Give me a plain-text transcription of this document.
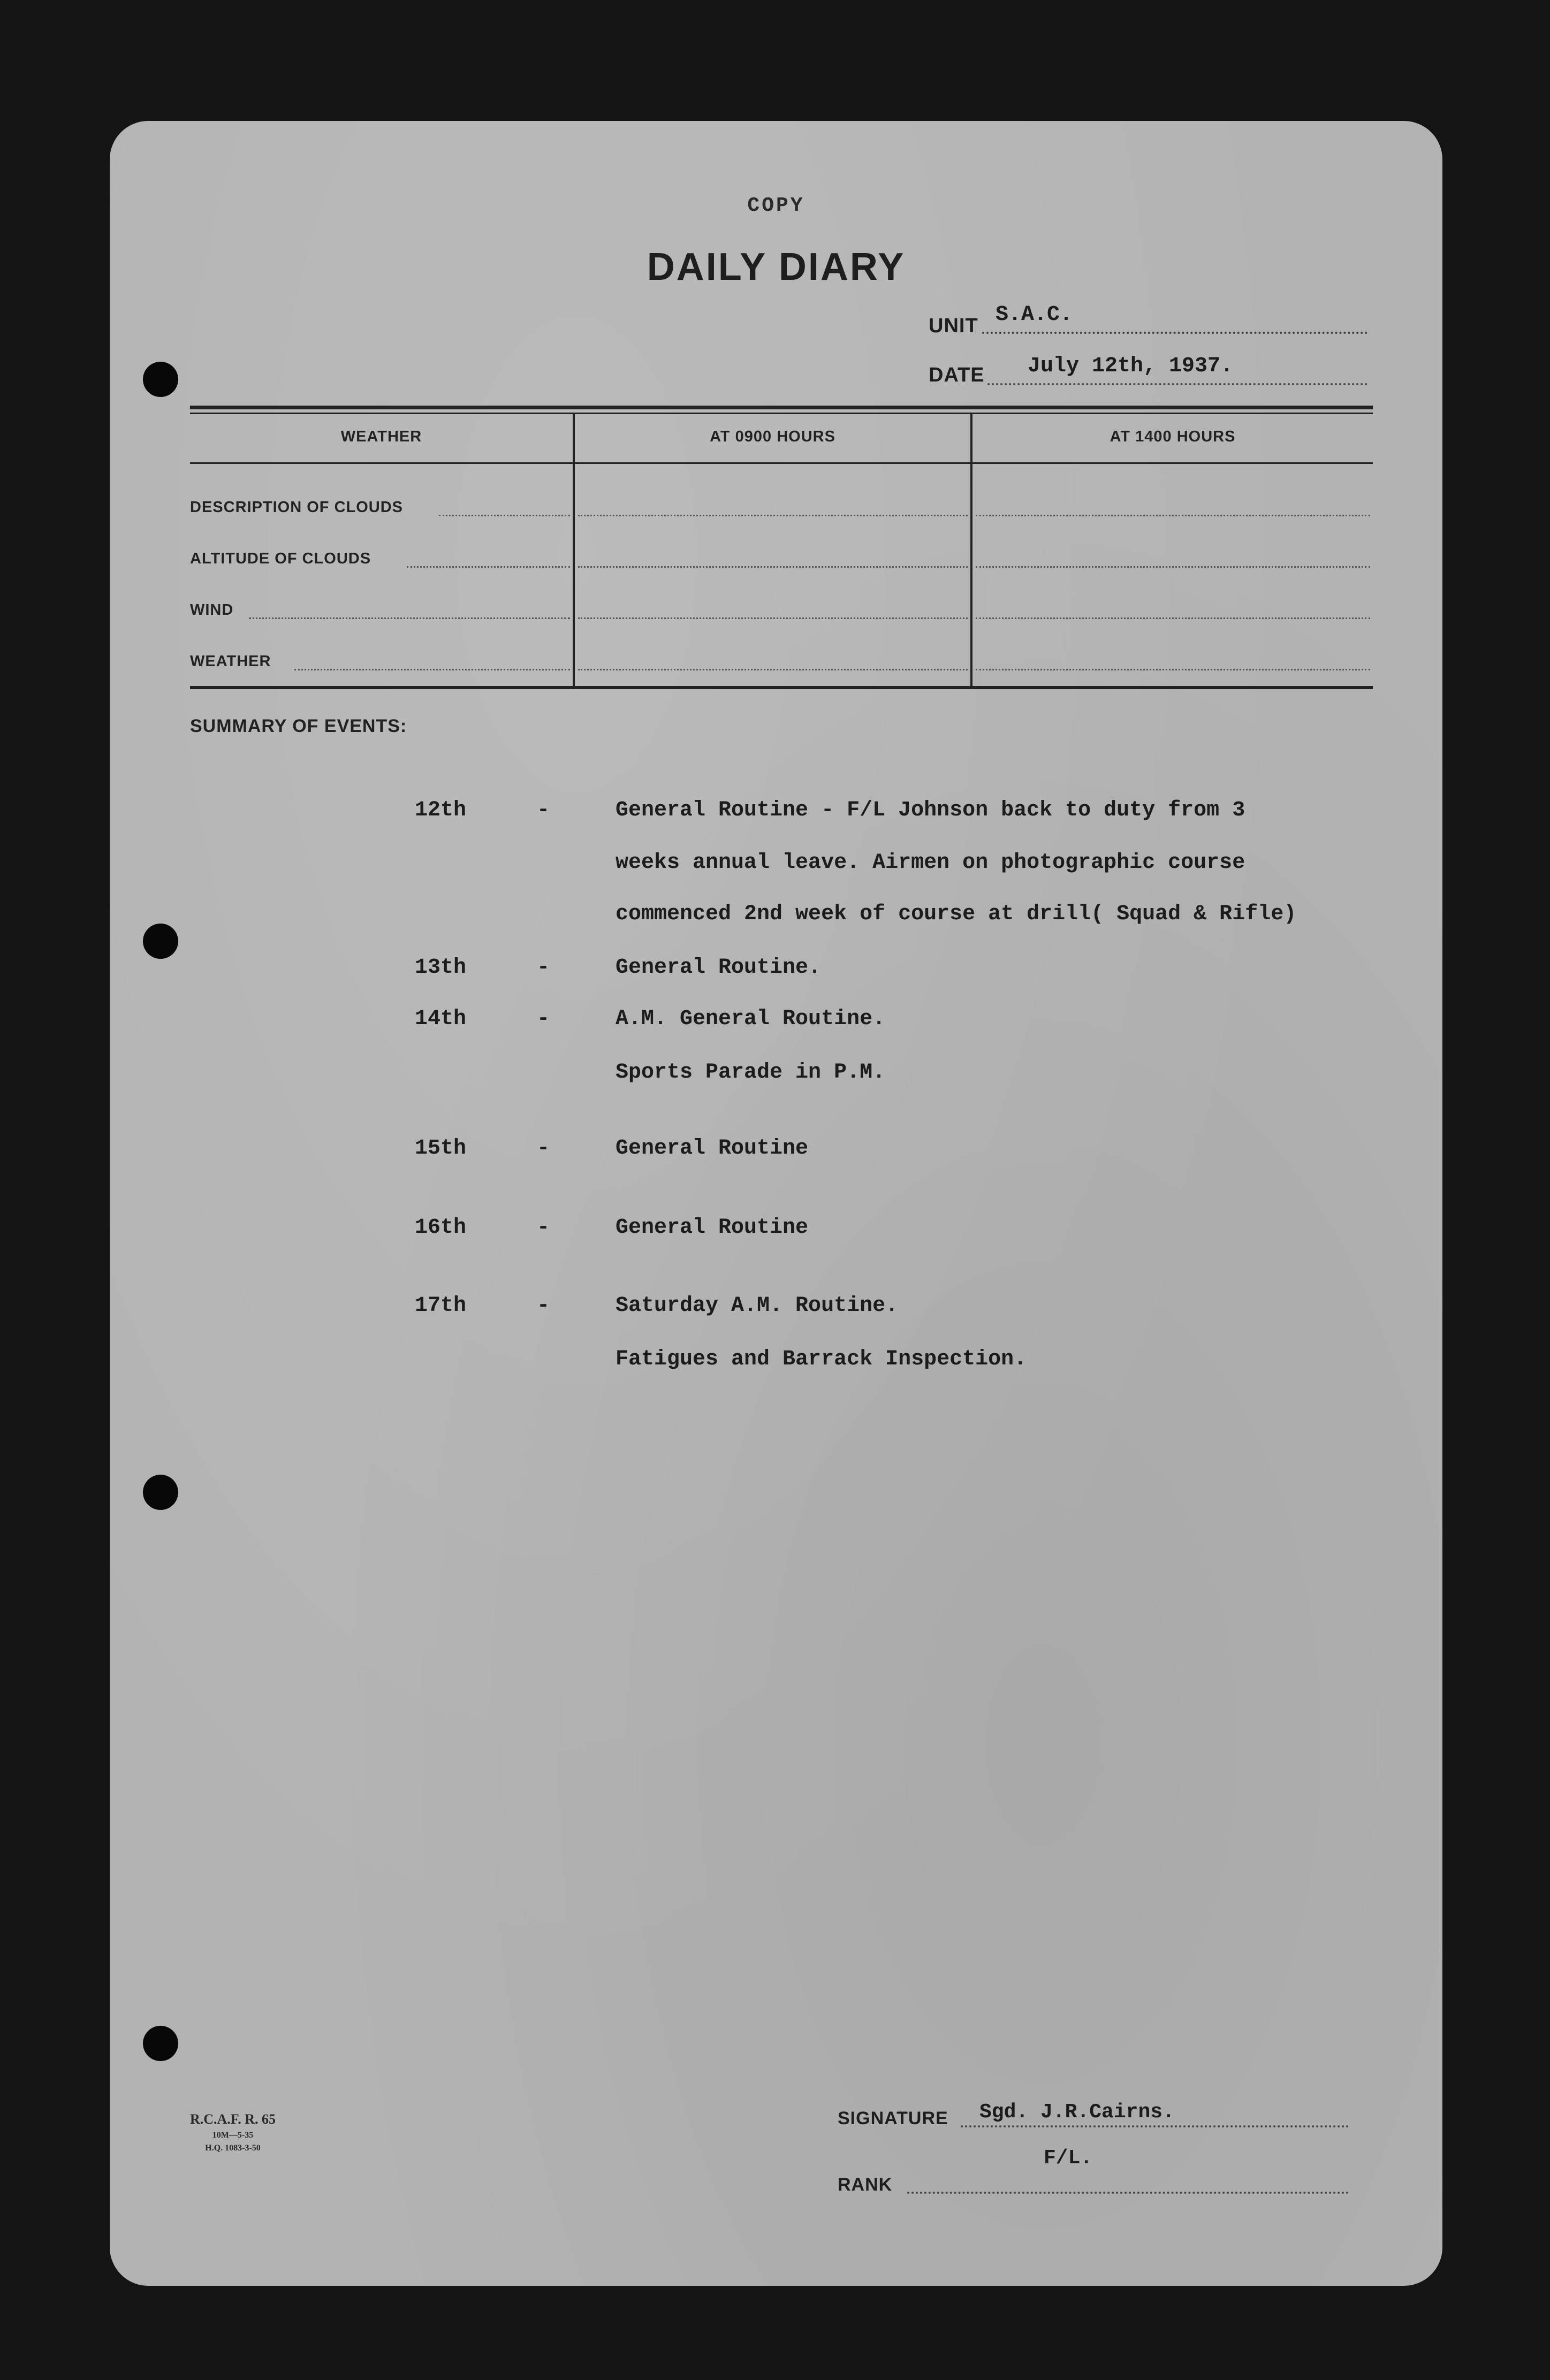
COPY
DAILY DIARY
UNIT S.A.C.
DATE July 12th, 1937.
WEATHER	AT 0900 HOURS	AT 1400 HOURS
DESCRIPTION OF CLOUDS
ALTITUDE OF CLOUDS
WIND
WEATHER
SUMMARY OF EVENTS:
12th	-	General Routine - F/L Johnson back to duty from 3
weeks annual leave. Airmen on photographic course
commenced 2nd week of course at drill( Squad & Rifle)
13th	-	General Routine.
14th	-	A.M. General Routine.
Sports Parade in P.M.
15th	-	General Routine
16th	-	General Routine
17th	-	Saturday A.M. Routine.
Fatigues and Barrack Inspection.
R.C.A.F. R. 65
10M—5-35
H.Q. 1083-3-50
SIGNATURE Sgd. J.R.Cairns.
F/L.
RANK
